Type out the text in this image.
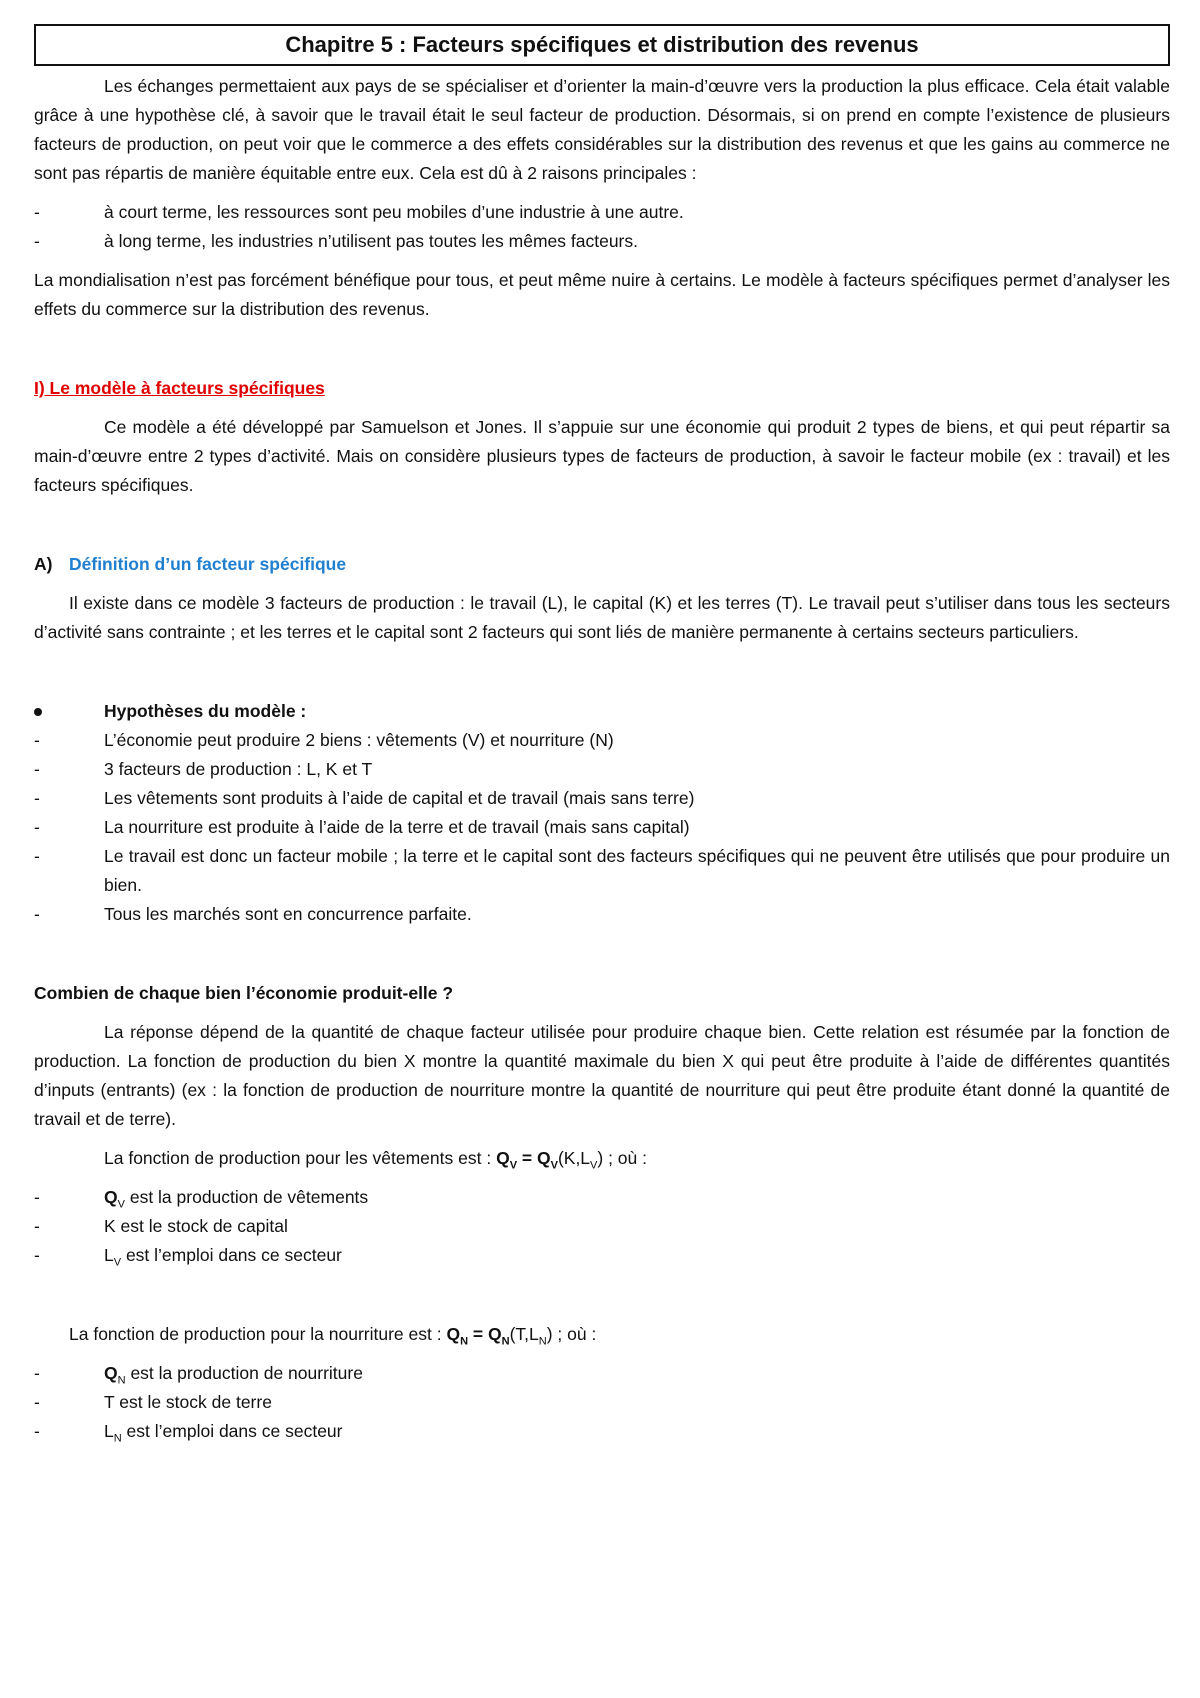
Chapitre 5 : Facteurs spécifiques et distribution des revenus

Les échanges permettaient aux pays de se spécialiser et d’orienter la main-d’œuvre vers la production la plus efficace. Cela était valable grâce à une hypothèse clé, à savoir que le travail était le seul facteur de production. Désormais, si on prend en compte l’existence de plusieurs facteurs de production, on peut voir que le commerce a des effets considérables sur la distribution des revenus et que les gains au commerce ne sont pas répartis de manière équitable entre eux. Cela est dû à 2 raisons principales :

-	à court terme, les ressources sont peu mobiles d’une industrie à une autre.
-	à long terme, les industries n’utilisent pas toutes les mêmes facteurs.

La mondialisation n’est pas forcément bénéfique pour tous, et peut même nuire à certains. Le modèle à facteurs spécifiques permet d’analyser les effets du commerce sur la distribution des revenus.

I) Le modèle à facteurs spécifiques

Ce modèle a été développé par Samuelson et Jones. Il s’appuie sur une économie qui produit 2 types de biens, et qui peut répartir sa main-d’œuvre entre 2 types d’activité. Mais on considère plusieurs types de facteurs de production, à savoir le facteur mobile (ex : travail) et les facteurs spécifiques.

A) Définition d’un facteur spécifique

Il existe dans ce modèle 3 facteurs de production : le travail (L), le capital (K) et les terres (T). Le travail peut s’utiliser dans tous les secteurs d’activité sans contrainte ; et les terres et le capital sont 2 facteurs qui sont liés de manière permanente à certains secteurs particuliers.

Hypothèses du modèle :
-	L’économie peut produire 2 biens : vêtements (V) et nourriture (N)
-	3 facteurs de production : L, K et T
-	Les vêtements sont produits à l’aide de capital et de travail (mais sans terre)
-	La nourriture est produite à l’aide de la terre et de travail (mais sans capital)
-	Le travail est donc un facteur mobile ; la terre et le capital sont des facteurs spécifiques qui ne peuvent être utilisés que pour produire un bien.
-	Tous les marchés sont en concurrence parfaite.
Combien de chaque bien l’économie produit-elle ?

La réponse dépend de la quantité de chaque facteur utilisée pour produire chaque bien. Cette relation est résumée par la fonction de production. La fonction de production du bien X montre la quantité maximale du bien X qui peut être produite à l’aide de différentes quantités d’inputs (entrants) (ex : la fonction de production de nourriture montre la quantité de nourriture qui peut être produite étant donné la quantité de travail et de terre).

La fonction de production pour les vêtements est : $Q_V = Q_V(K,L_V)$ ; où :

-	$Q_V$ est la production de vêtements
-	K est le stock de capital
-	$L_V$ est l’emploi dans ce secteur

La fonction de production pour la nourriture est : $Q_N = Q_N(T,L_N)$ ; où :

-	$Q_N$ est la production de nourriture
-	T est le stock de terre
-	$L_N$ est l’emploi dans ce secteur
